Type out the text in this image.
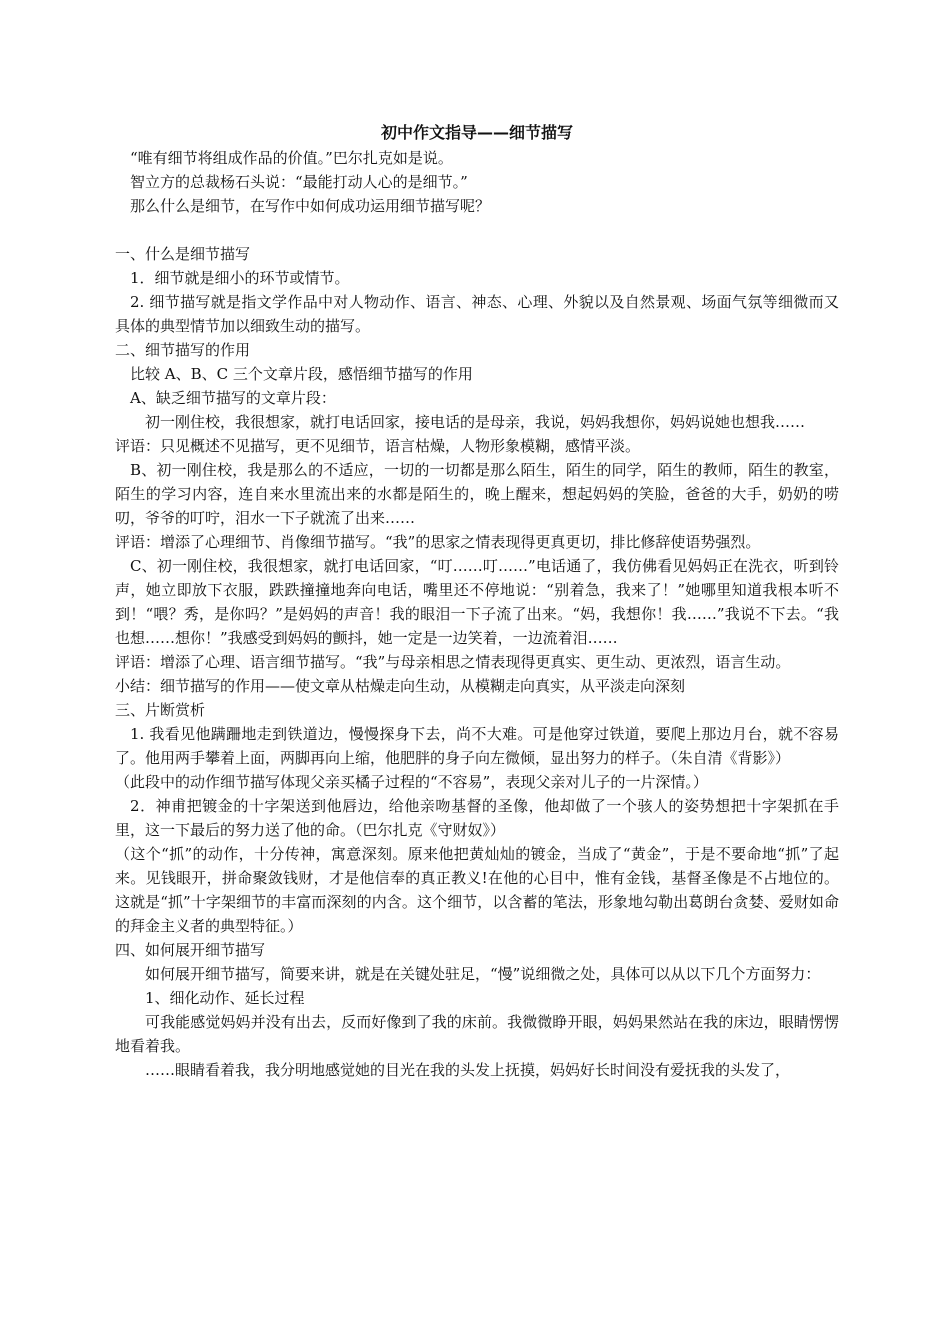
初中作文指导——细节描写

“唯有细节将组成作品的价值。”巴尔扎克如是说。

智立方的总裁杨石头说：“最能打动人心的是细节。”

那么什么是细节，在写作中如何成功运用细节描写呢？

一、什么是细节描写

1．细节就是细小的环节或情节。

2. 细节描写就是指文学作品中对人物动作、语言、神态、心理、外貌以及自然景观、场面气氛等细微而又具体的典型情节加以细致生动的描写。

二、细节描写的作用

比较 A、B、C 三个文章片段，感悟细节描写的作用

A、缺乏细节描写的文章片段：

初一刚住校，我很想家，就打电话回家，接电话的是母亲，我说，妈妈我想你，妈妈说她也想我……

评语：只见概述不见描写，更不见细节，语言枯燥，人物形象模糊，感情平淡。

B、初一刚住校，我是那么的不适应，一切的一切都是那么陌生，陌生的同学，陌生的教师，陌生的教室，陌生的学习内容，连自来水里流出来的水都是陌生的，晚上醒来，想起妈妈的笑脸，爸爸的大手，奶奶的唠叨，爷爷的叮咛，泪水一下子就流了出来……

评语：增添了心理细节、肖像细节描写。“我”的思家之情表现得更真更切，排比修辞使语势强烈。

C、初一刚住校，我很想家，就打电话回家，“叮……叮……”电话通了，我仿佛看见妈妈正在洗衣，听到铃声，她立即放下衣服，跌跌撞撞地奔向电话，嘴里还不停地说：“别着急，我来了！”她哪里知道我根本听不到！“喂？秀，是你吗？”是妈妈的声音！我的眼泪一下子流了出来。“妈，我想你！我……”我说不下去。“我也想……想你！”我感受到妈妈的颤抖，她一定是一边笑着，一边流着泪……

评语：增添了心理、语言细节描写。“我”与母亲相思之情表现得更真实、更生动、更浓烈，语言生动。

小结：细节描写的作用——使文章从枯燥走向生动，从模糊走向真实，从平淡走向深刻

三、片断赏析

1. 我看见他蹒跚地走到铁道边，慢慢探身下去，尚不大难。可是他穿过铁道，要爬上那边月台，就不容易了。他用两手攀着上面，两脚再向上缩，他肥胖的身子向左微倾，显出努力的样子。（朱自清《背影》）

（此段中的动作细节描写体现父亲买橘子过程的“不容易”，表现父亲对儿子的一片深情。）

2．神甫把镀金的十字架送到他唇边，给他亲吻基督的圣像，他却做了一个骇人的姿势想把十字架抓在手里，这一下最后的努力送了他的命。（巴尔扎克《守财奴》）

（这个“抓”的动作，十分传神，寓意深刻。原来他把黄灿灿的镀金，当成了“黄金”，于是不要命地“抓”了起来。见钱眼开，拼命聚敛钱财，才是他信奉的真正教义!在他的心目中，惟有金钱，基督圣像是不占地位的。这就是“抓”十字架细节的丰富而深刻的内含。这个细节，以含蓄的笔法，形象地勾勒出葛朗台贪婪、爱财如命的拜金主义者的典型特征。）

四、如何展开细节描写

如何展开细节描写，简要来讲，就是在关键处驻足，“慢”说细微之处，具体可以从以下几个方面努力：

1、细化动作、延长过程

可我能感觉妈妈并没有出去，反而好像到了我的床前。我微微睁开眼，妈妈果然站在我的床边，眼睛愣愣地看着我。

……眼睛看着我，我分明地感觉她的目光在我的头发上抚摸，妈妈好长时间没有爱抚我的头发了，
